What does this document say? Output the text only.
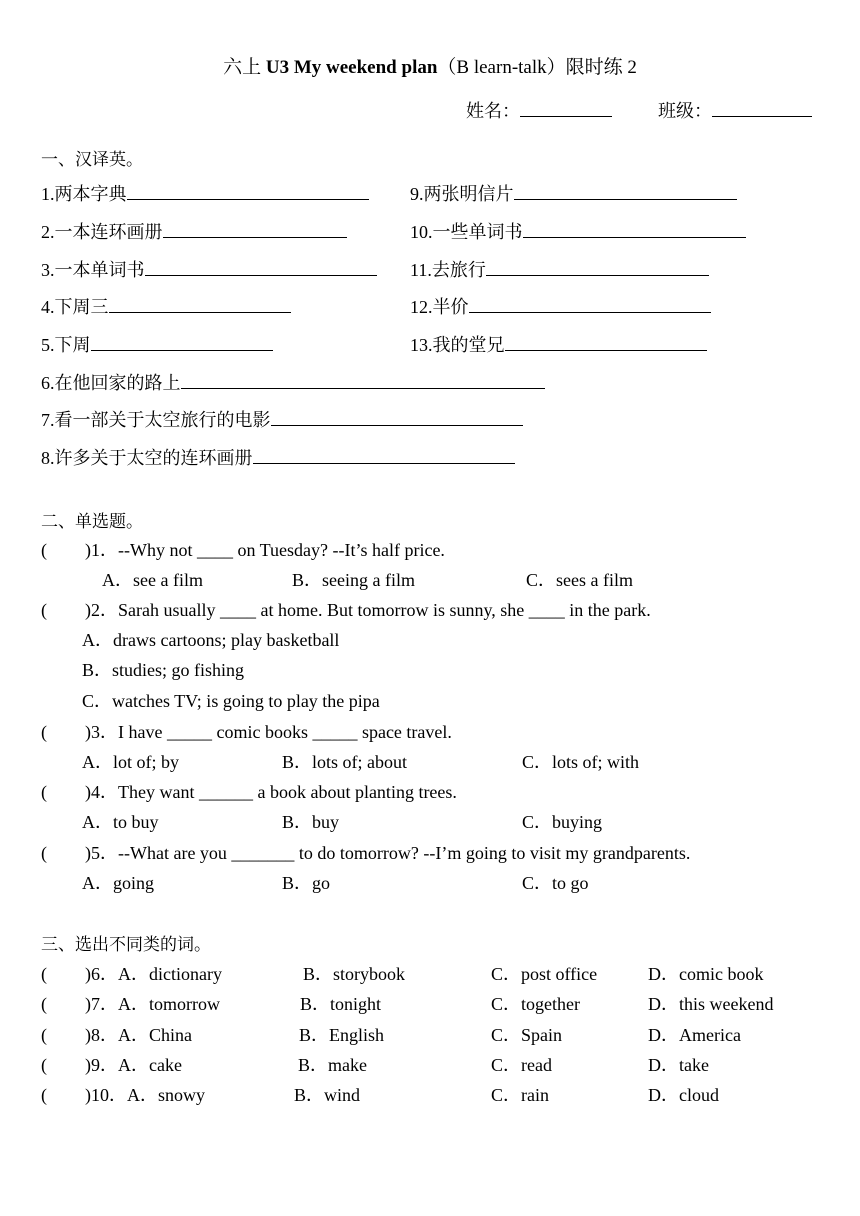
六上 U3 My weekend plan（B learn-talk）限时练 2
姓名：	班级：
一、汉译英。
1.两本字典
2.一本连环画册
3.一本单词书
4.下周三
5.下周
9.两张明信片
10.一些单词书
11.去旅行
12.半价
13.我的堂兄
6.在他回家的路上
7.看一部关于太空旅行的电影
8.许多关于太空的连环画册
二、单选题。
( )1．--Why not ____ on Tuesday? --It’s half price.
A．see a film	B．seeing a film	C．sees a film
( )2．Sarah usually ____ at home. But tomorrow is sunny, she ____ in the park.
A．draws cartoons; play basketball
B．studies; go fishing
C．watches TV; is going to play the pipa
( )3．I have _____ comic books _____ space travel.
A．lot of; by	B．lots of; about	C．lots of; with
( )4．They want ______ a book about planting trees.
A．to buy	B．buy	C．buying
( )5．--What are you _______ to do tomorrow? --I’m going to visit my grandparents.
A．going	B．go	C．to go
三、选出不同类的词。
( )6．A．dictionary	B．storybook	C．post office	D．comic book
( )7．A．tomorrow	B．tonight	C．together	D．this weekend
( )8．A．China	B．English	C．Spain	D．America
( )9．A．cake	B．make	C．read	D．take
( )10．A．snowy	B．wind	C．rain	D．cloud
